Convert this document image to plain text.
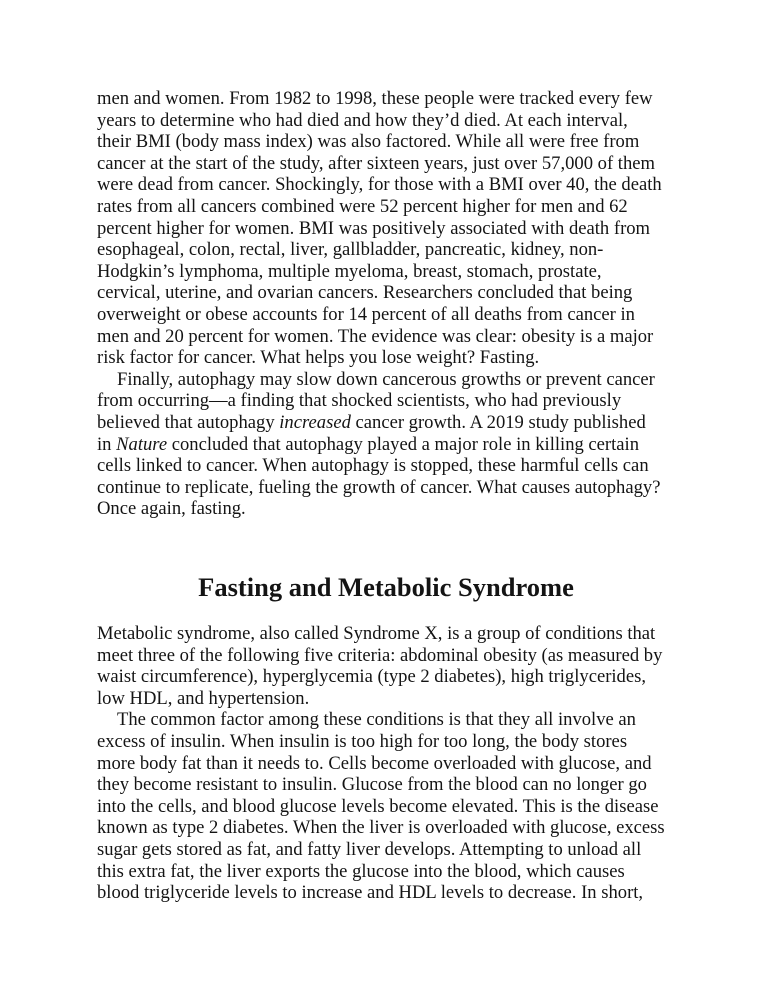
men and women. From 1982 to 1998, these people were tracked every few
years to determine who had died and how they’d died. At each interval,
their BMI (body mass index) was also factored. While all were free from
cancer at the start of the study, after sixteen years, just over 57,000 of them
were dead from cancer. Shockingly, for those with a BMI over 40, the death
rates from all cancers combined were 52 percent higher for men and 62
percent higher for women. BMI was positively associated with death from
esophageal, colon, rectal, liver, gallbladder, pancreatic, kidney, non-
Hodgkin’s lymphoma, multiple myeloma, breast, stomach, prostate,
cervical, uterine, and ovarian cancers. Researchers concluded that being
overweight or obese accounts for 14 percent of all deaths from cancer in
men and 20 percent for women. The evidence was clear: obesity is a major
risk factor for cancer. What helps you lose weight? Fasting.

Finally, autophagy may slow down cancerous growths or prevent cancer
from occurring—a finding that shocked scientists, who had previously
believed that autophagy increased cancer growth. A 2019 study published
in Nature concluded that autophagy played a major role in killing certain
cells linked to cancer. When autophagy is stopped, these harmful cells can
continue to replicate, fueling the growth of cancer. What causes autophagy?
Once again, fasting.

Fasting and Metabolic Syndrome

Metabolic syndrome, also called Syndrome X, is a group of conditions that
meet three of the following five criteria: abdominal obesity (as measured by
waist circumference), hyperglycemia (type 2 diabetes), high triglycerides,
low HDL, and hypertension.

The common factor among these conditions is that they all involve an
excess of insulin. When insulin is too high for too long, the body stores
more body fat than it needs to. Cells become overloaded with glucose, and
they become resistant to insulin. Glucose from the blood can no longer go
into the cells, and blood glucose levels become elevated. This is the disease
known as type 2 diabetes. When the liver is overloaded with glucose, excess
sugar gets stored as fat, and fatty liver develops. Attempting to unload all
this extra fat, the liver exports the glucose into the blood, which causes
blood triglyceride levels to increase and HDL levels to decrease. In short,
